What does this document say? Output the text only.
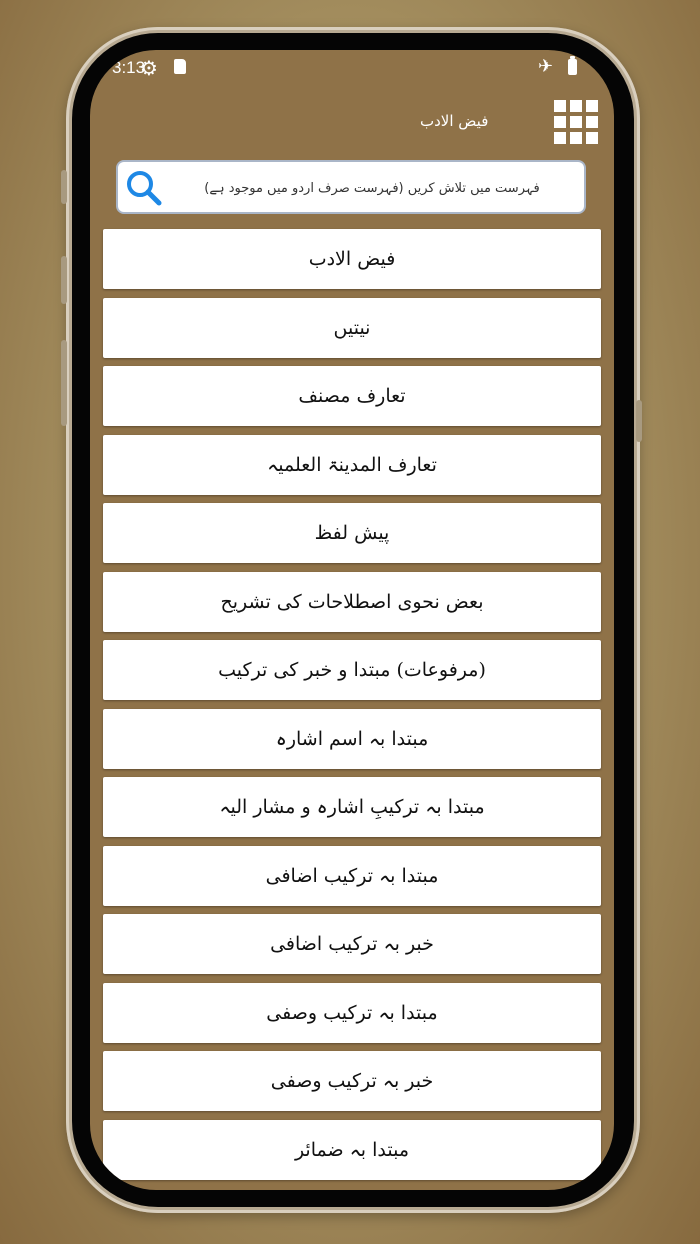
3:13
⚙	✈
فیض الادب
فہرست میں تلاش کریں (فہرست صرف اردو میں موجود ہے)
فیض الادب
نیتیں
تعارف مصنف
تعارف المدینۃ العلمیہ
پیش لفظ
بعض نحوی اصطلاحات کی تشریح
(مرفوعات) مبتدا و خبر کی ترکیب
مبتدا بہ اسم اشارہ
مبتدا بہ ترکیبِ اشارہ و مشار الیہ
مبتدا بہ ترکیب اضافی
خبر بہ ترکیب اضافی
مبتدا بہ ترکیب وصفی
خبر بہ ترکیب وصفی
مبتدا بہ ضمائر
